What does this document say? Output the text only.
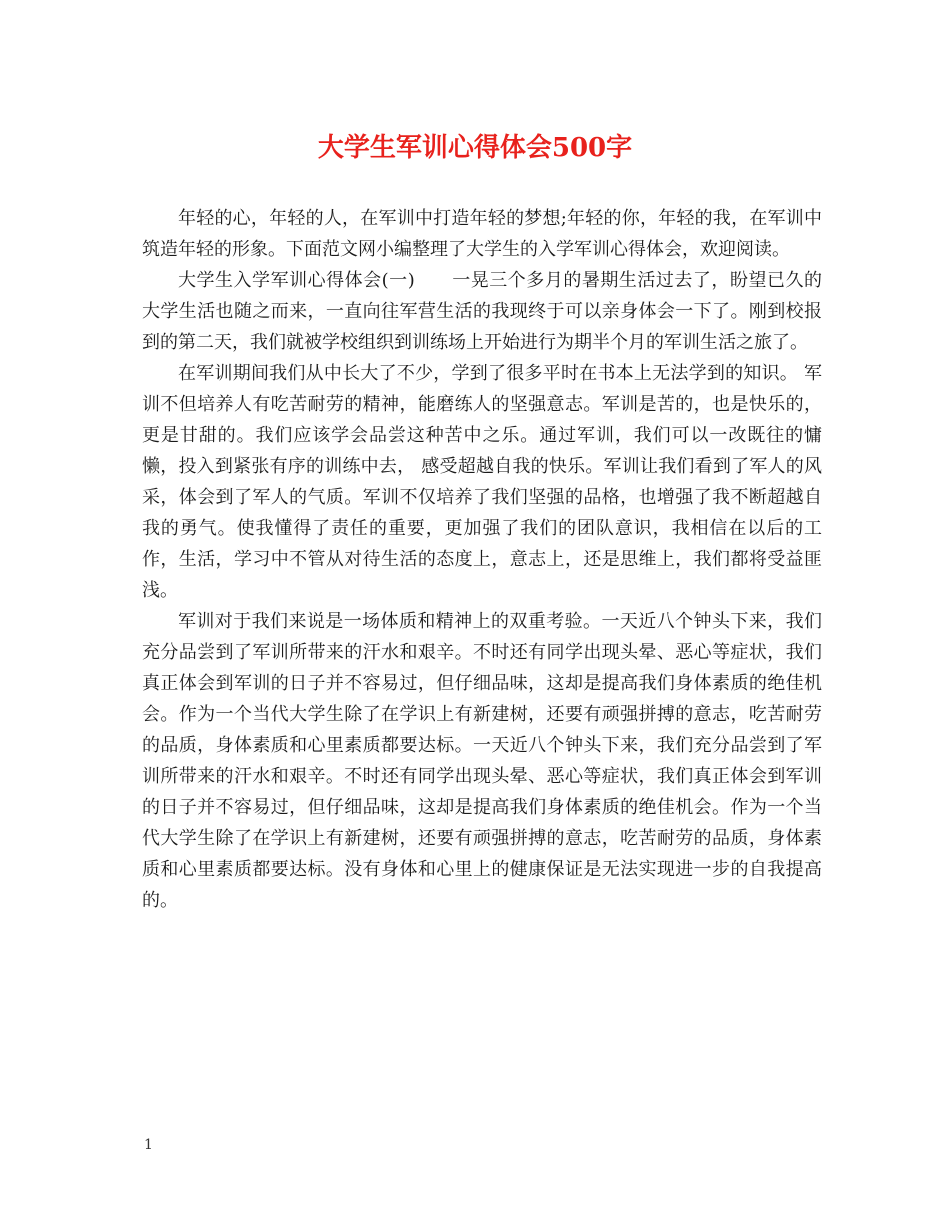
大学生军训心得体会500字

年轻的心，年轻的人，在军训中打造年轻的梦想;年轻的你，年轻的我，在军训中筑造年轻的形象。下面范文网小编整理了大学生的入学军训心得体会，欢迎阅读。

大学生入学军训心得体会(一)　　一晃三个多月的暑期生活过去了，盼望已久的大学生活也随之而来，一直向往军营生活的我现终于可以亲身体会一下了。刚到校报到的第二天，我们就被学校组织到训练场上开始进行为期半个月的军训生活之旅了。

在军训期间我们从中长大了不少，学到了很多平时在书本上无法学到的知识。 军训不但培养人有吃苦耐劳的精神，能磨练人的坚强意志。军训是苦的，也是快乐的，更是甘甜的。我们应该学会品尝这种苦中之乐。通过军训，我们可以一改既往的慵懒，投入到紧张有序的训练中去， 感受超越自我的快乐。军训让我们看到了军人的风采，体会到了军人的气质。军训不仅培养了我们坚强的品格，也增强了我不断超越自我的勇气。使我懂得了责任的重要，更加强了我们的团队意识，我相信在以后的工作，生活，学习中不管从对待生活的态度上，意志上，还是思维上，我们都将受益匪浅。

军训对于我们来说是一场体质和精神上的双重考验。一天近八个钟头下来，我们充分品尝到了军训所带来的汗水和艰辛。不时还有同学出现头晕、恶心等症状，我们真正体会到军训的日子并不容易过，但仔细品味，这却是提高我们身体素质的绝佳机会。作为一个当代大学生除了在学识上有新建树，还要有顽强拼搏的意志，吃苦耐劳的品质，身体素质和心里素质都要达标。一天近八个钟头下来，我们充分品尝到了军训所带来的汗水和艰辛。不时还有同学出现头晕、恶心等症状，我们真正体会到军训的日子并不容易过，但仔细品味，这却是提高我们身体素质的绝佳机会。作为一个当代大学生除了在学识上有新建树，还要有顽强拼搏的意志，吃苦耐劳的品质，身体素质和心里素质都要达标。没有身体和心里上的健康保证是无法实现进一步的自我提高的。

1
